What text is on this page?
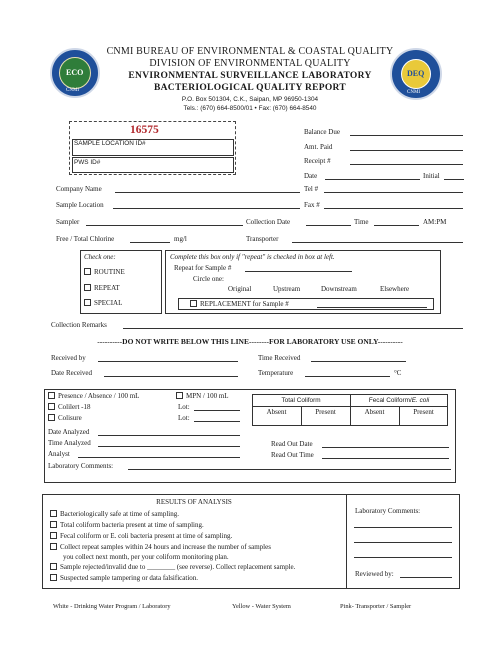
ECO
CNMI
DEQ
CNMI
CNMI BUREAU OF ENVIRONMENTAL & COASTAL QUALITY
DIVISION OF ENVIRONMENTAL QUALITY
ENVIRONMENTAL SURVEILLANCE LABORATORY
BACTERIOLOGICAL QUALITY REPORT
P.O. Box 501304, C.K., Saipan, MP 96950-1304
Tels.: (670) 664-8500/01 • Fax: (670) 664-8540
16575
SAMPLE LOCATION ID#
PWS ID#
Balance Due
Amt. Paid
Receipt #
Date	Initial
Company Name	Tel #
Sample Location	Fax #
Sampler	Collection Date	Time	AM:PM
Free / Total Chlorine	mg/l	Transporter
Check one:
ROUTINE
REPEAT
SPECIAL
Complete this box only if "repeat" is checked in box at left.
Repeat for Sample #
Circle one:
Original	Upstream	Downstream	Elsewhere
REPLACEMENT for Sample #
Collection Remarks
----------DO NOT WRITE BELOW THIS LINE--------FOR LABORATORY USE ONLY----------
Received by	Time Received
Date Received	Temperature	°C
Presence / Absence / 100 mL
Colilert -18
Colisure
MPN / 100 mL
Lot:
Lot:
Date Analyzed
Time Analyzed
Analyst
Laboratory Comments:
Total Coliform	Fecal Coliform/E. coli
Absent	Present	Absent	Present
Read Out Date
Read Out Time
RESULTS OF ANALYSIS
Bacteriologically safe at time of sampling.
Total coliform bacteria present at time of sampling.
Fecal coliform or E. coli bacteria present at time of sampling.
Collect repeat samples within 24 hours and increase the number of samples
you collect next month, per your coliform monitoring plan.
Sample rejected/invalid due to ________ (see reverse). Collect replacement sample.
Suspected sample tampering or data falsification.
Laboratory Comments:
Reviewed by:
White - Drinking Water Program / Laboratory	Yellow - Water System	Pink- Transporter / Sampler
